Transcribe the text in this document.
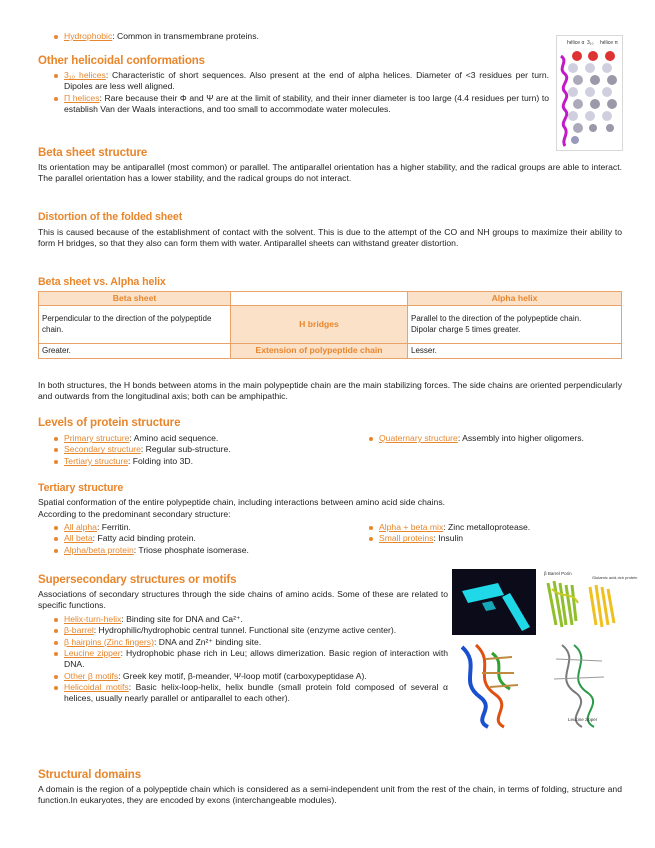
Hydrophobic: Common in transmembrane proteins.
Other helicoidal conformations
3₁₀ helices: Characteristic of short sequences. Also present at the end of alpha helices. Diameter of <3 residues per turn. Dipoles are less well aligned.
Π helices: Rare because their Φ and Ψ are at the limit of stability, and their inner diameter is too large (4.4 residues per turn) to establish Van der Waals interactions, and too small to accommodate water molecules.
hélice α 3₁₀ hélice π
Beta sheet structure
Its orientation may be antiparallel (most common) or parallel. The antiparallel orientation has a higher stability, and the radical groups are able to interact. The parallel orientation has a lower stability, and the radical groups do not interact.
Distortion of the folded sheet
This is caused because of the establishment of contact with the solvent. This is due to the attempt of the CO and NH groups to maximize their ability to form H bridges, so that they also can form them with water. Antiparallel sheets can withstand greater distortion.
Beta sheet vs. Alpha helix
Beta sheet		Alpha helix
Perpendicular to the direction of the polypeptide chain.	H bridges	Parallel to the direction of the polypeptide chain.
Dipolar charge 5 times greater.

Greater.	Extension of polypeptide chain	Lesser.
In both structures, the H bonds between atoms in the main polypeptide chain are the main stabilizing forces. The side chains are oriented perpendicularly and outwards from the longitudinal axis; both can be amphipathic.
Levels of protein structure
Primary structure: Amino acid sequence.
Secondary structure: Regular sub-structure.
Tertiary structure: Folding into 3D.
Quaternary structure: Assembly into higher oligomers.
Tertiary structure
Spatial conformation of the entire polypeptide chain, including interactions between amino acid side chains.
According to the predominant secondary structure:
All alpha: Ferritin.
All beta: Fatty acid binding protein.
Alpha/beta protein: Triose phosphate isomerase.
Alpha + beta mix: Zinc metalloprotease.
Small proteins: Insulin
Supersecondary structures or motifs
Associations of secondary structures through the side chains of amino acids. Some of these are related to specific functions.
Helix-turn-helix: Binding site for DNA and Ca²⁺.
β-barrel: Hydrophilic/hydrophobic central tunnel. Functional site (enzyme active center).
β hairpins (Zinc fingers): DNA and Zn²⁺ binding site.
Leucine zipper: Hydrophobic phase rich in Leu; allows dimerization. Basic region of interaction with DNA.
Other β motifs: Greek key motif, β-meander, Ψ-loop motif (carboxypeptidase A).
Helicoidal motifs: Basic helix-loop-helix, helix bundle (small protein fold composed of several α helices, usually nearly parallel or antiparallel to each other).
β Barrel Porin
Glutamic acid-rich protein
Leucine zipper
Structural domains
A domain is the region of a polypeptide chain which is considered as a semi-independent unit from the rest of the chain, in terms of folding, structure and function.In eukaryotes, they are encoded by exons (interchangeable modules).
